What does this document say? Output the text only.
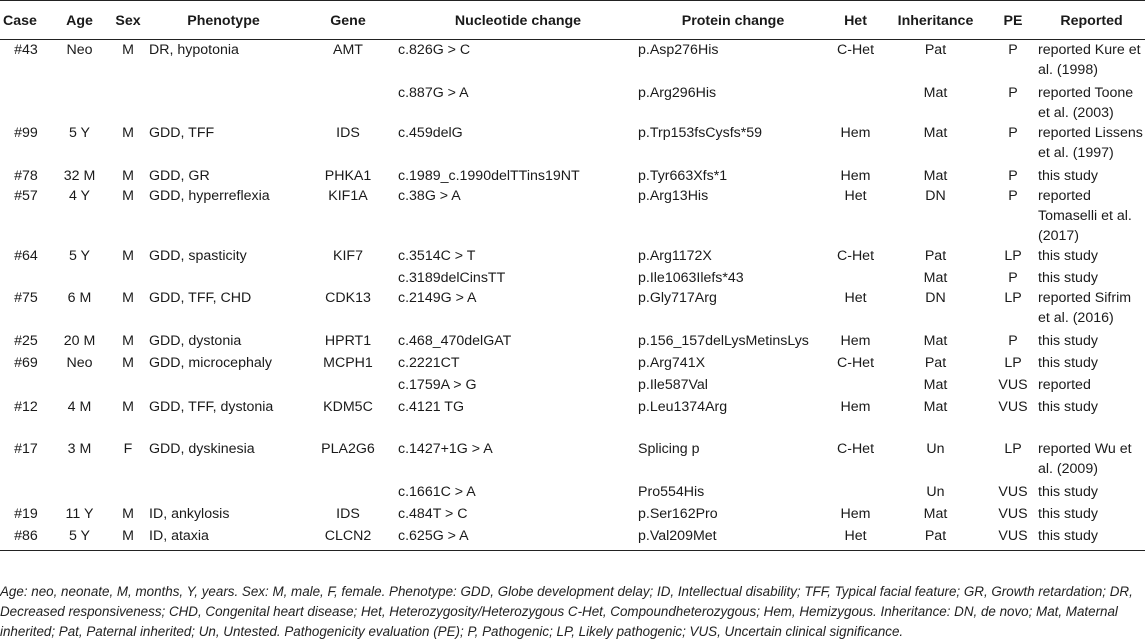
Case	Age	Sex	Phenotype	Gene	Nucleotide change	Protein change	Het	Inheritance	PE	Reported
#43	Neo	M	DR, hypotonia	AMT	c.826G > C	p.Asp276His	C-Het	Pat	P	reported Kure et al. (1998)
					c.887G > A	p.Arg296His		Mat	P	reported Toone et al. (2003)
#99	5 Y	M	GDD, TFF	IDS	c.459delG	p.Trp153fsCysfs*59	Hem	Mat	P	reported Lissens et al. (1997)
#78	32 M	M	GDD, GR	PHKA1	c.1989_c.1990delTTins19NT	p.Tyr663Xfs*1	Hem	Mat	P	this study
#57	4 Y	M	GDD, hyperreflexia	KIF1A	c.38G > A	p.Arg13His	Het	DN	P	reported Tomaselli et al. (2017)
#64	5 Y	M	GDD, spasticity	KIF7	c.3514C > T	p.Arg1172X	C-Het	Pat	LP	this study
					c.3189delCinsTT	p.Ile1063Ilefs*43		Mat	P	this study
#75	6 M	M	GDD, TFF, CHD	CDK13	c.2149G > A	p.Gly717Arg	Het	DN	LP	reported Sifrim et al. (2016)
#25	20 M	M	GDD, dystonia	HPRT1	c.468_470delGAT	p.156_157delLysMetinsLys	Hem	Mat	P	this study
#69	Neo	M	GDD, microcephaly	MCPH1	c.2221CT	p.Arg741X	C-Het	Pat	LP	this study
					c.1759A > G	p.Ile587Val		Mat	VUS	reported
#12	4 M	M	GDD, TFF, dystonia	KDM5C	c.4121 TG	p.Leu1374Arg	Hem	Mat	VUS	this study
#17	3 M	F	GDD, dyskinesia	PLA2G6	c.1427+1G > A	Splicing p	C-Het	Un	LP	reported Wu et al. (2009)
					c.1661C > A	Pro554His		Un	VUS	this study
#19	11 Y	M	ID, ankylosis	IDS	c.484T > C	p.Ser162Pro	Hem	Mat	VUS	this study
#86	5 Y	M	ID, ataxia	CLCN2	c.625G > A	p.Val209Met	Het	Pat	VUS	this study
Age: neo, neonate, M, months, Y, years. Sex: M, male, F, female. Phenotype: GDD, Globe development delay; ID, Intellectual disability; TFF, Typical facial feature; GR, Growth retardation; DR, Decreased responsiveness; CHD, Congenital heart disease; Het, Heterozygosity/Heterozygous C-Het, Compoundheterozygous; Hem, Hemizygous. Inheritance: DN, de novo; Mat, Maternal inherited; Pat, Paternal inherited; Un, Untested. Pathogenicity evaluation (PE); P, Pathogenic; LP, Likely pathogenic; VUS, Uncertain clinical significance.
